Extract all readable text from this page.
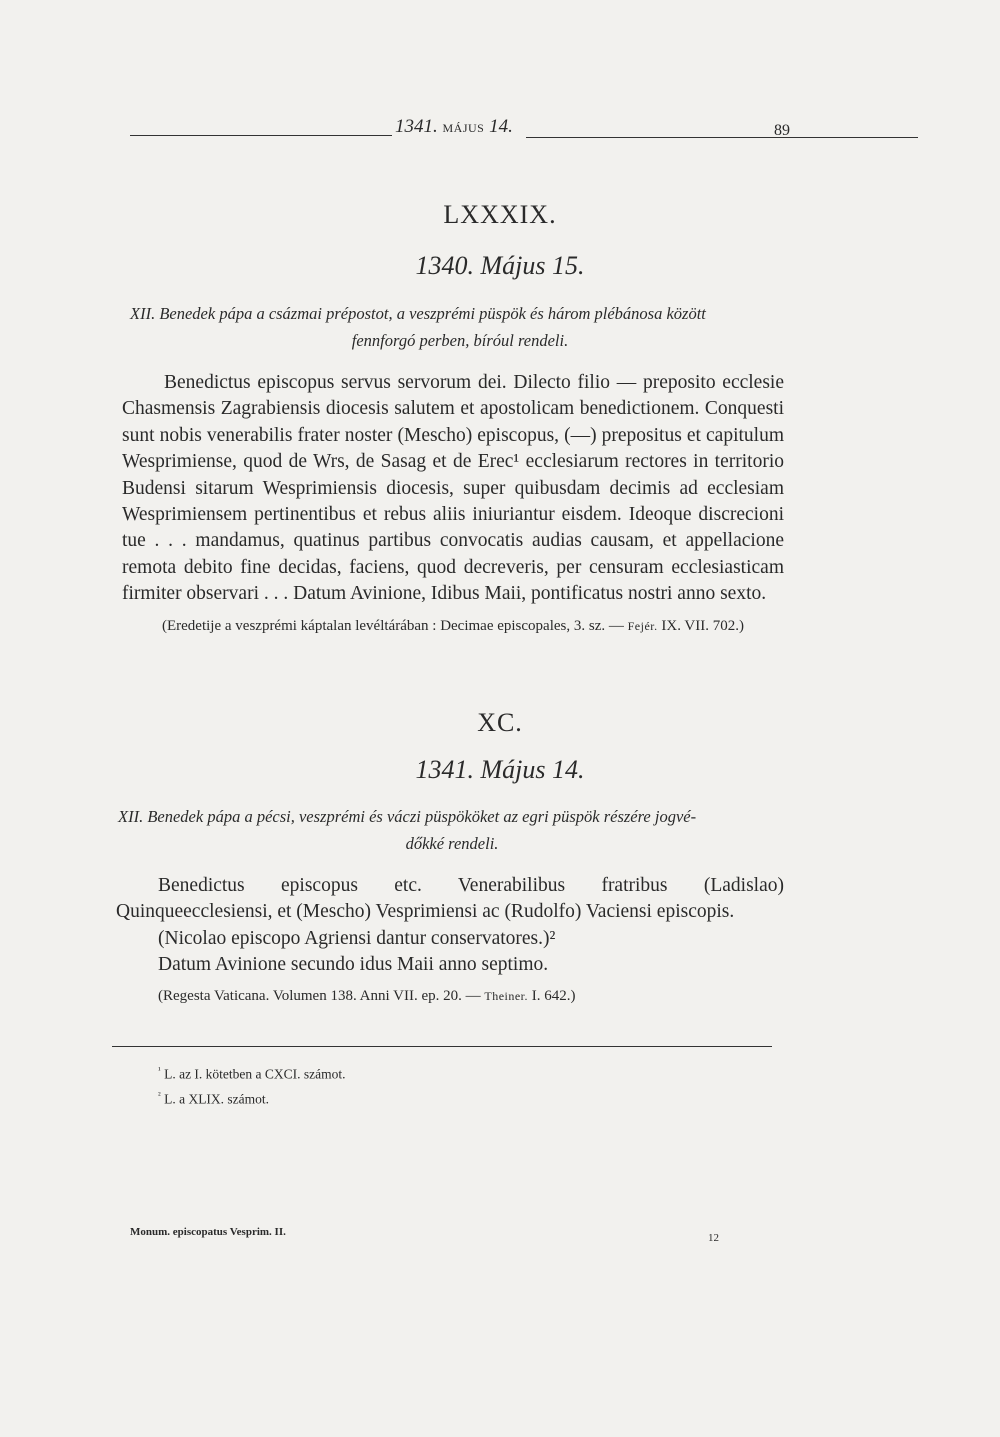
1341. MÁJUS 14.	89
LXXXIX.
1340. Május 15.
XII. Benedek pápa a csázmai prépostot, a veszprémi püspök és három plébánosa között
fennforgó perben, bíróul rendeli.

Benedictus episcopus servus servorum dei. Dilecto filio — preposito ecclesie Chasmensis Zagrabiensis diocesis salutem et apostolicam benedictionem. Conquesti sunt nobis venerabilis frater noster (Mescho) episcopus, (—) prepositus et capitulum Wesprimiense, quod de Wrs, de Sasag et de Erec¹ ecclesiarum rectores in territorio Budensi sitarum Wesprimiensis diocesis, super quibusdam decimis ad ecclesiam Wesprimiensem pertinentibus et rebus aliis iniuriantur eisdem. Ideoque discrecioni tue . . . mandamus, quatinus partibus convocatis audias causam, et appellacione remota debito fine decidas, faciens, quod decreveris, per censuram ecclesiasticam firmiter observari . . . Datum Avinione, Idibus Maii, pontificatus nostri anno sexto.

(Eredetije a veszprémi káptalan levéltárában : Decimae episcopales, 3. sz. — Fejér. IX. VII. 702.)
XC.
1341. Május 14.
XII. Benedek pápa a pécsi, veszprémi és váczi püspököket az egri püspök részére jogvé-
dőkké rendeli.

Benedictus episcopus etc. Venerabilibus fratribus (Ladislao) Quinqueecclesiensi, et (Mescho) Vesprimiensi ac (Rudolfo) Vaciensi episcopis.

(Nicolao episcopo Agriensi dantur conservatores.)²

Datum Avinione secundo idus Maii anno septimo.

(Regesta Vaticana. Volumen 138. Anni VII. ep. 20. — Theiner. I. 642.)
$^{^1}$ L. az I. kötetben a CXCI. számot.
$^{^2}$ L. a XLIX. számot.
Monum. episcopatus Vesprim. II.	12
